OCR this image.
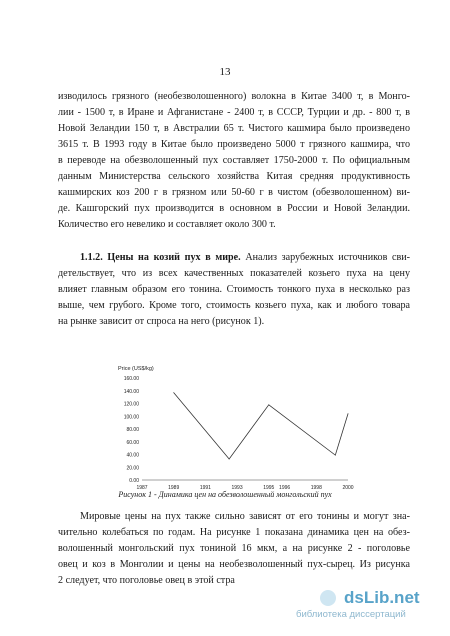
13
изводилось грязного (необезволошенного) волокна в Китае 3400 т, в Монго-
лии - 1500 т, в Иране и Афганистане - 2400 т, в СССР, Турции и др. - 800 т, в
Новой Зеландии 150 т, в Австралии 65 т. Чистого кашмира было произведено
3615 т. В 1993 году в Китае было произведено 5000 т грязного кашмира, что
в переводе на обезволошенный пух составляет 1750-2000 т. По официальным
данным Министерства сельского хозяйства Китая средняя продуктивность
кашмирских коз 200 г в грязном или 50-60 г в чистом (обезволошенном) ви-
де. Кашгорский пух производится в основном в России и Новой Зеландии.
Количество его невелико и составляет около 300 т.
1.1.2. Цены на козий пух в мире. Анализ зарубежных источников сви-
детельствует, что из всех качественных показателей козьего пуха на цену
влияет главным образом его тонина. Стоимость тонкого пуха в несколько раз
выше, чем грубого. Кроме того, стоимость козьего пуха, как и любого товара
на рынке зависит от спроса на него (рисунок 1).
Price (US$/kg)
0.00
20.00
40.00
60.00
80.00
100.00
120.00
140.00
160.00
1987	1989	1991	1993	1995 1996	1998	2000
Рисунок 1 - Динамика цен на обезволошенный монгольский пух
Мировые цены на пух также сильно зависят от его тонины и могут зна-
чительно колебаться по годам. На рисунке 1 показана динамика цен на обез-
волошенный монгольский пух тониной 16 мкм, а на рисунке 2 - поголовье
овец и коз в Монголии и цены на необезволошенный пух-сырец. Из рисунка
2 следует, что поголовье овец в этой стра
dsLib.net
библиотека диссертаций
